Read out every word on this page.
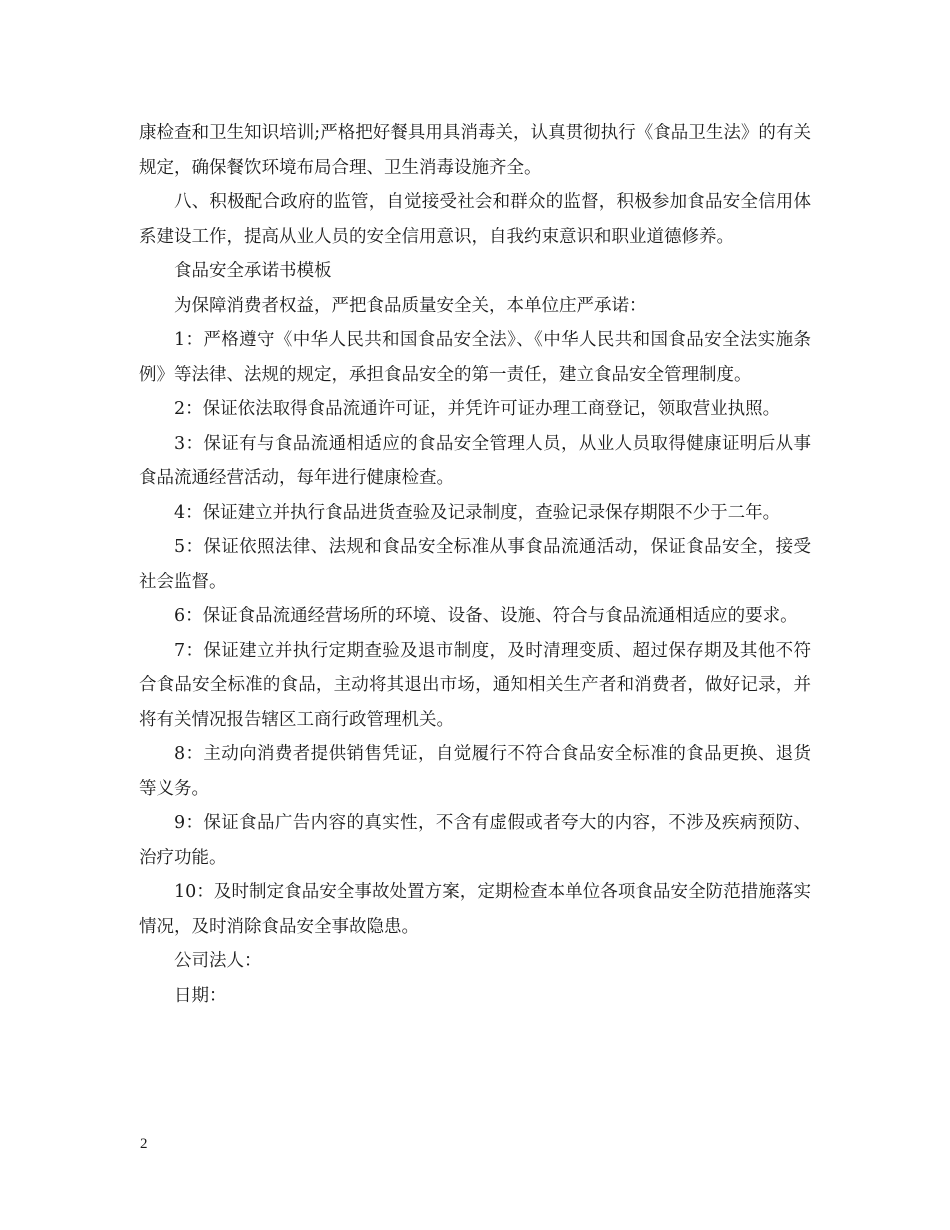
康检查和卫生知识培训;严格把好餐具用具消毒关，认真贯彻执行《食品卫生法》的有关规定，确保餐饮环境布局合理、卫生消毒设施齐全。

八、积极配合政府的监管，自觉接受社会和群众的监督，积极参加食品安全信用体系建设工作，提高从业人员的安全信用意识，自我约束意识和职业道德修养。

食品安全承诺书模板

为保障消费者权益，严把食品质量安全关，本单位庄严承诺：

1：严格遵守《中华人民共和国食品安全法》、《中华人民共和国食品安全法实施条例》等法律、法规的规定，承担食品安全的第一责任，建立食品安全管理制度。

2：保证依法取得食品流通许可证，并凭许可证办理工商登记，领取营业执照。

3：保证有与食品流通相适应的食品安全管理人员，从业人员取得健康证明后从事食品流通经营活动，每年进行健康检查。

4：保证建立并执行食品进货查验及记录制度，查验记录保存期限不少于二年。

5：保证依照法律、法规和食品安全标准从事食品流通活动，保证食品安全，接受社会监督。

6：保证食品流通经营场所的环境、设备、设施、符合与食品流通相适应的要求。

7：保证建立并执行定期查验及退市制度，及时清理变质、超过保存期及其他不符合食品安全标准的食品，主动将其退出市场，通知相关生产者和消费者，做好记录，并将有关情况报告辖区工商行政管理机关。

8：主动向消费者提供销售凭证，自觉履行不符合食品安全标准的食品更换、退货等义务。

9：保证食品广告内容的真实性，不含有虚假或者夸大的内容，不涉及疾病预防、治疗功能。

10：及时制定食品安全事故处置方案，定期检查本单位各项食品安全防范措施落实情况，及时消除食品安全事故隐患。

公司法人：

日期：

2
